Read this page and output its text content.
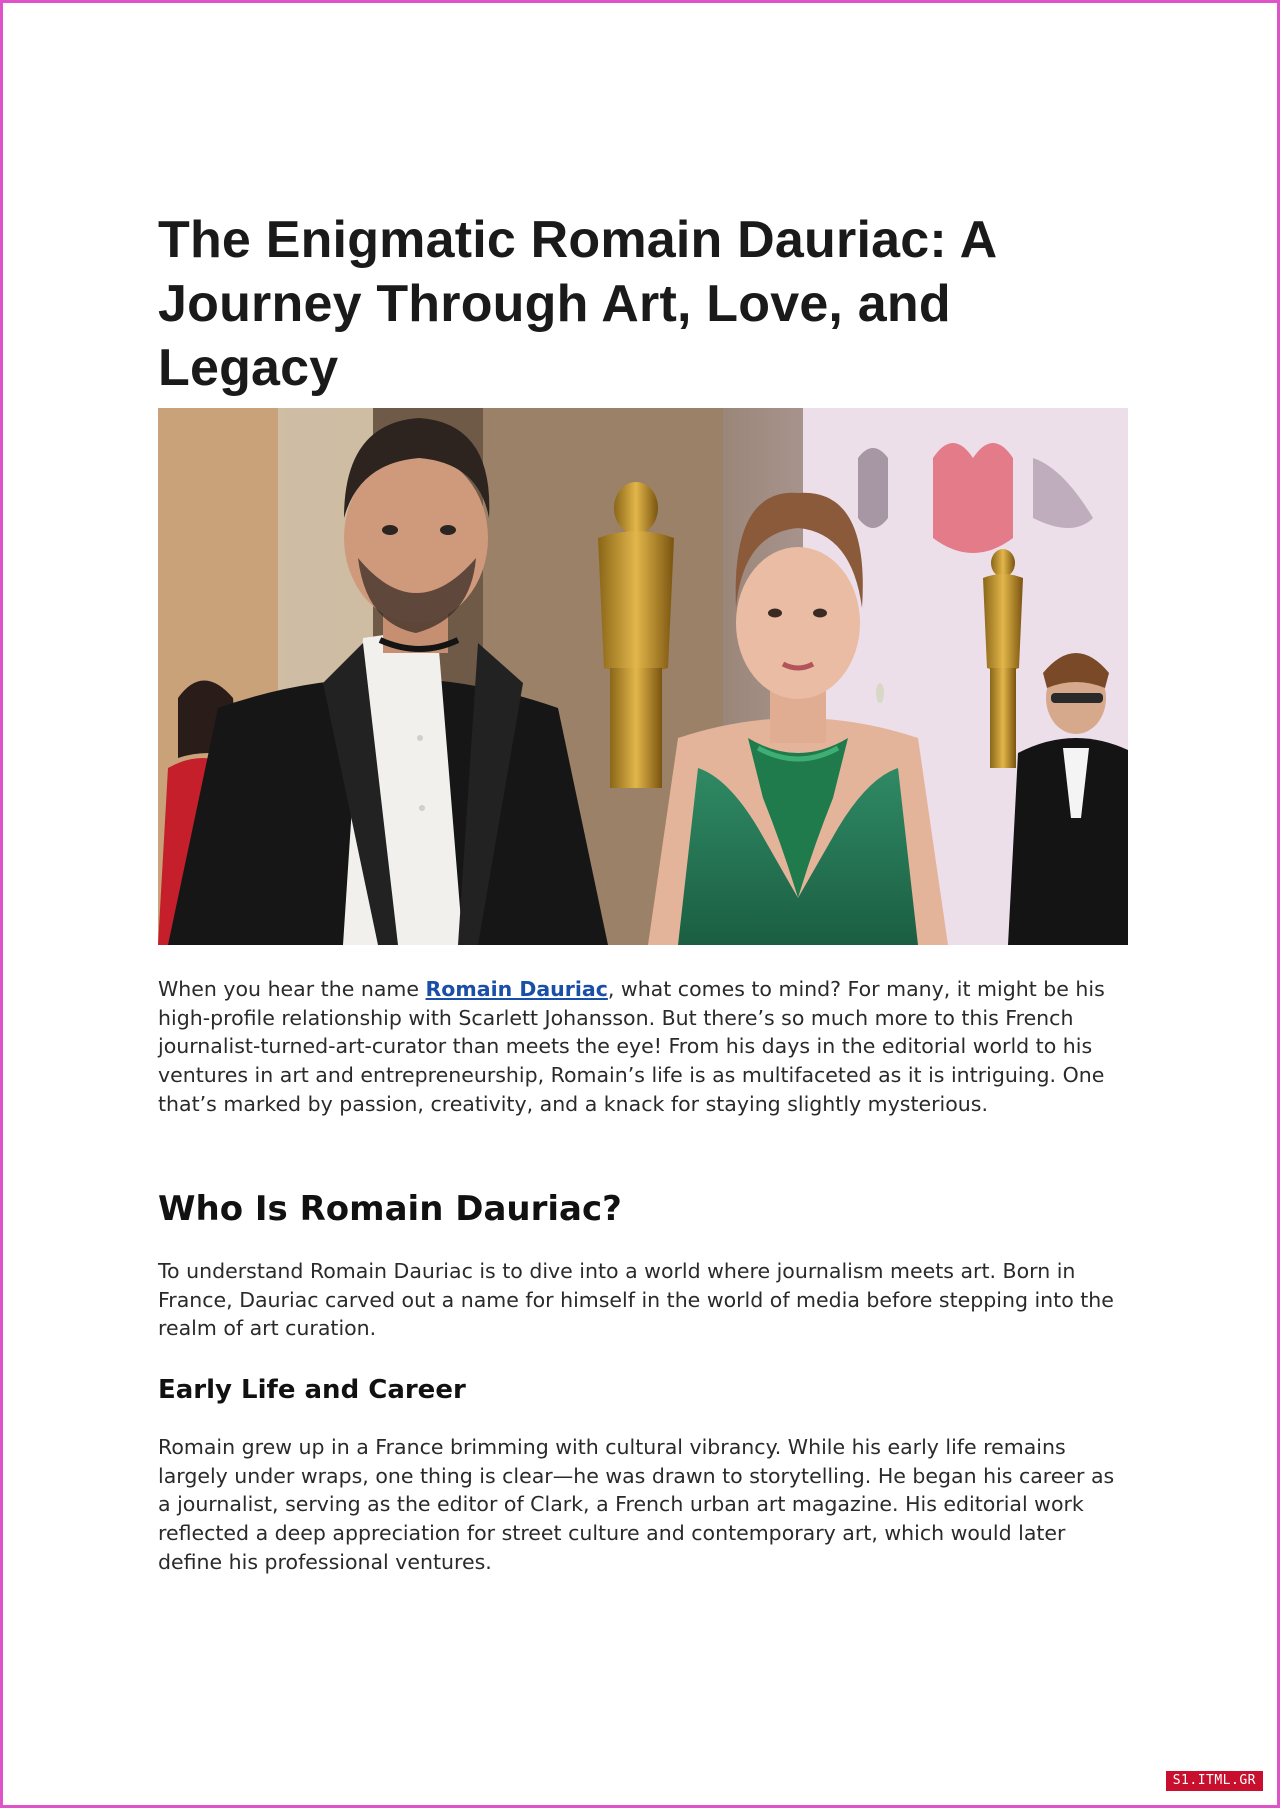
The Enigmatic Romain Dauriac: A Journey Through Art, Love, and Legacy

When you hear the name Romain Dauriac, what comes to mind? For many, it might be his high-profile relationship with Scarlett Johansson. But there’s so much more to this French journalist-turned-art-curator than meets the eye! From his days in the editorial world to his ventures in art and entrepreneurship, Romain’s life is as multifaceted as it is intriguing. One that’s marked by passion, creativity, and a knack for staying slightly mysterious.

Who Is Romain Dauriac?

To understand Romain Dauriac is to dive into a world where journalism meets art. Born in France, Dauriac carved out a name for himself in the world of media before stepping into the realm of art curation.

Early Life and Career

Romain grew up in a France brimming with cultural vibrancy. While his early life remains largely under wraps, one thing is clear—he was drawn to storytelling. He began his career as a journalist, serving as the editor of Clark, a French urban art magazine. His editorial work reflected a deep appreciation for street culture and contemporary art, which would later define his professional ventures.

S1.ITML.GR
